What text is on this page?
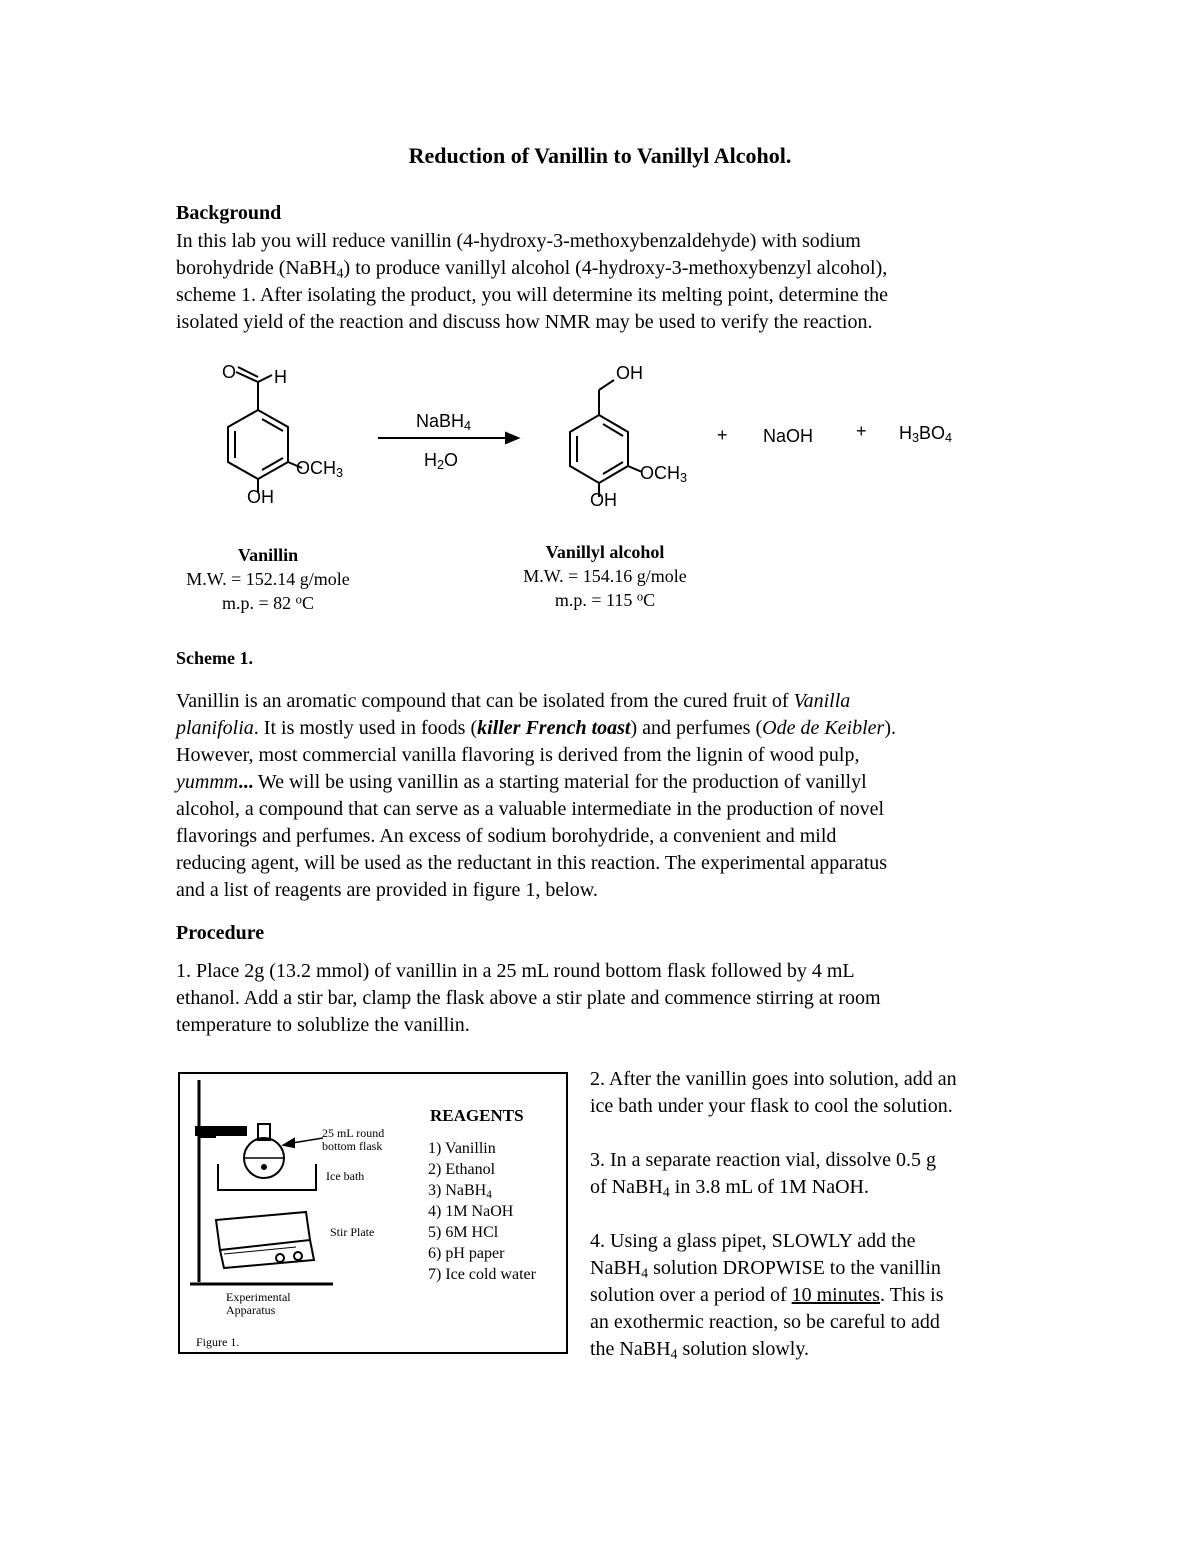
Reduction of Vanillin to Vanillyl Alcohol.
Background

In this lab you will reduce vanillin (4-hydroxy-3-methoxybenzaldehyde) with sodium

borohydride (NaBH$_4$) to produce vanillyl alcohol (4-hydroxy-3-methoxybenzyl alcohol),

scheme 1. After isolating the product, you will determine its melting point, determine the

isolated yield of the reaction and discuss how NMR may be used to verify the reaction.

O H
$OCH_3$
OH
NaBH$_4$
$H_2O$
OH
$OCH_3$
OH
+ NaOH + $H_3BO_4$
Vanillin
M.W. = 152.14 g/mole
m.p. = 82 $^o$C
Vanillyl alcohol
M.W. = 154.16 g/mole
m.p. = 115 $^o$C
Scheme 1.

Vanillin is an aromatic compound that can be isolated from the cured fruit of Vanilla

planifolia. It is mostly used in foods (killer French toast) and perfumes (Ode de Keibler).

However, most commercial vanilla flavoring is derived from the lignin of wood pulp,

yummm... We will be using vanillin as a starting material for the production of vanillyl

alcohol, a compound that can serve as a valuable intermediate in the production of novel

flavorings and perfumes. An excess of sodium borohydride, a convenient and mild

reducing agent, will be used as the reductant in this reaction. The experimental apparatus

and a list of reagents are provided in figure 1, below.

Procedure

1. Place 2g (13.2 mmol) of vanillin in a 25 mL round bottom flask followed by 4 mL

ethanol. Add a stir bar, clamp the flask above a stir plate and commence stirring at room

temperature to solublize the vanillin.

2. After the vanillin goes into solution, add an

ice bath under your flask to cool the solution.

3. In a separate reaction vial, dissolve 0.5 g

of NaBH$_4$ in 3.8 mL of 1M NaOH.

4. Using a glass pipet, SLOWLY add the

NaBH$_4$ solution DROPWISE to the vanillin

solution over a period of 10 minutes. This is

an exothermic reaction, so be careful to add

the NaBH$_4$ solution slowly.

25 mL round
bottom flask
Ice bath
Stir Plate
Experimental
Apparatus
Figure 1.
REAGENTS
1) Vanillin
2) Ethanol
3) NaBH$_4$
4) 1M NaOH
5) 6M HCl
6) pH paper
7) Ice cold water
